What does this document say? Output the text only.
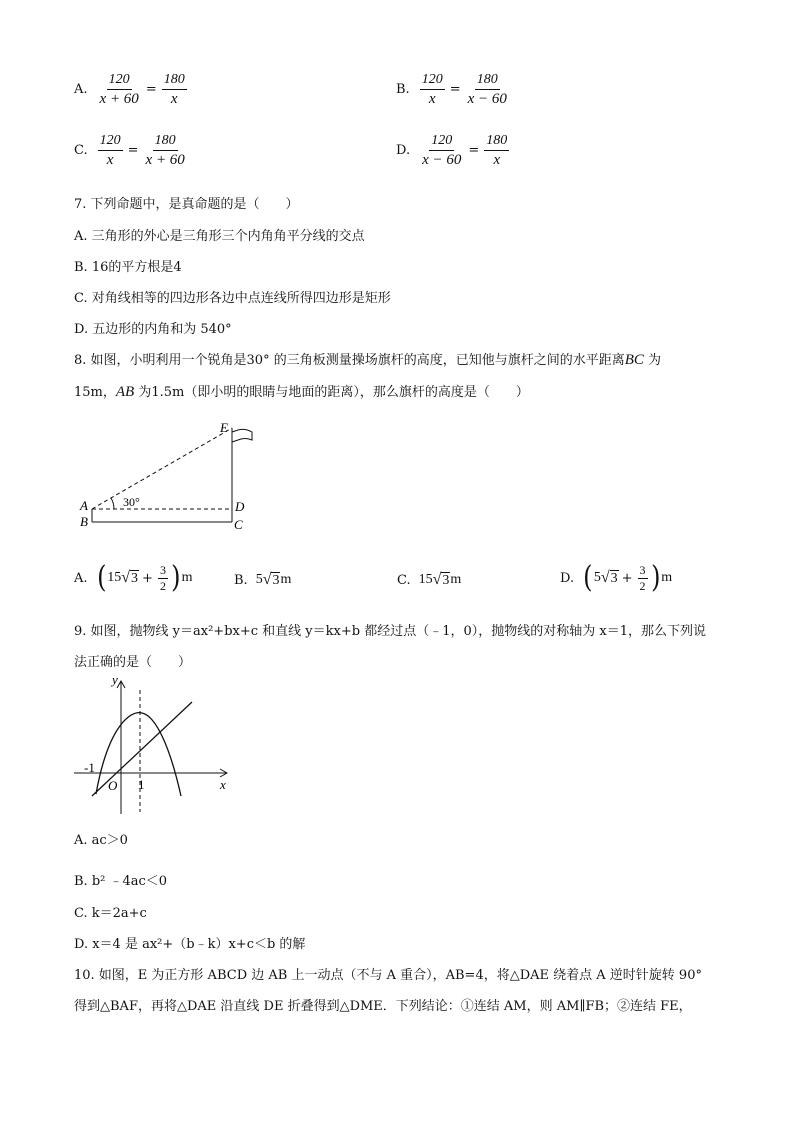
A. $\frac{120}{x + 60} = \frac{180}{x}$	B. $\frac{120}{x} = \frac{180}{x - 60}$
C. $\frac{120}{x} = \frac{180}{x + 60}$	D. $\frac{120}{x - 60} = \frac{180}{x}$
7. 下列命题中，是真命题的是（　　）
A. 三角形的外心是三角形三个内角角平分线的交点
B. 16的平方根是4
C. 对角线相等的四边形各边中点连线所得四边形是矩形
D. 五边形的内角和为 540°
8. 如图，小明利用一个锐角是30° 的三角板测量操场旗杆的高度，已知他与旗杆之间的水平距离BC 为
15m，AB 为1.5m（即小明的眼睛与地面的距离），那么旗杆的高度是（　　）
E
A
B
D
C
30°
A. ( 15 √ $3 + \frac{3}{2}$ ) m	B. 5 √ 3 m	C. 15 √ 3 m	D. ( 5 √ $3 + \frac{3}{2}$ ) m
9. 如图，抛物线 y＝ax²+bx+c 和直线 y＝kx+b 都经过点（﹣1，0），抛物线的对称轴为 x＝1，那么下列说
法正确的是（　　）
y
x
O
-1
1
A. ac＞0
B. b² ﹣4ac＜0
C. k＝2a+c
D. x＝4 是 ax²+（b﹣k）x+c＜b 的解
10. 如图，E 为正方形 ABCD 边 AB 上一动点（不与 A 重合），AB=4，将△DAE 绕着点 A 逆时针旋转 90°
得到△BAF，再将△DAE 沿直线 DE 折叠得到△DME．下列结论：①连结 AM，则 AM∥FB；②连结 FE，
